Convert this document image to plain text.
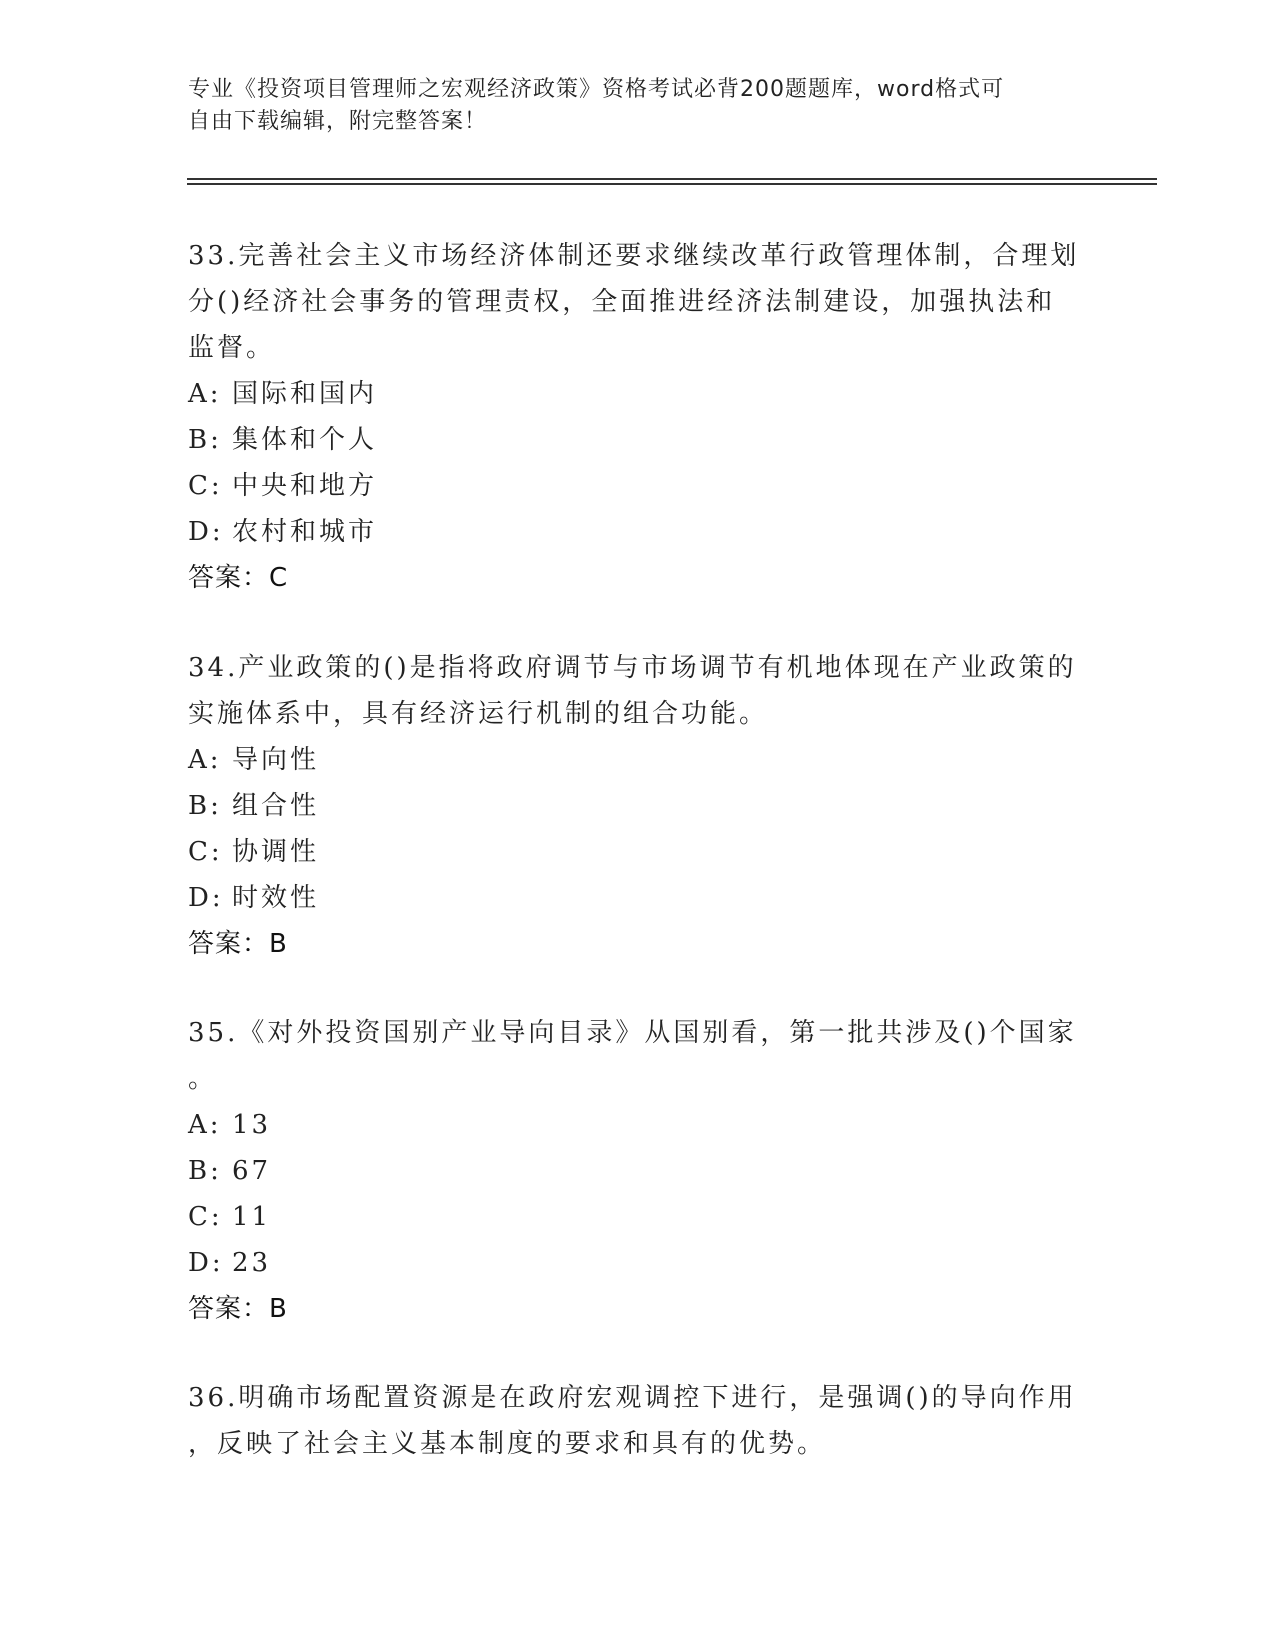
专业《投资项目管理师之宏观经济政策》资格考试必背200题题库，word格式可
自由下载编辑，附完整答案！
33.完善社会主义市场经济体制还要求继续改革行政管理体制，合理划
分()经济社会事务的管理责权，全面推进经济法制建设，加强执法和
监督。
A: 国际和国内
B: 集体和个人
C: 中央和地方
D: 农村和城市
答案：C
34.产业政策的()是指将政府调节与市场调节有机地体现在产业政策的
实施体系中，具有经济运行机制的组合功能。
A: 导向性
B: 组合性
C: 协调性
D: 时效性
答案：B
35.《对外投资国别产业导向目录》从国别看，第一批共涉及()个国家
。
A: 13
B: 67
C: 11
D: 23
答案：B
36.明确市场配置资源是在政府宏观调控下进行，是强调()的导向作用
，反映了社会主义基本制度的要求和具有的优势。
